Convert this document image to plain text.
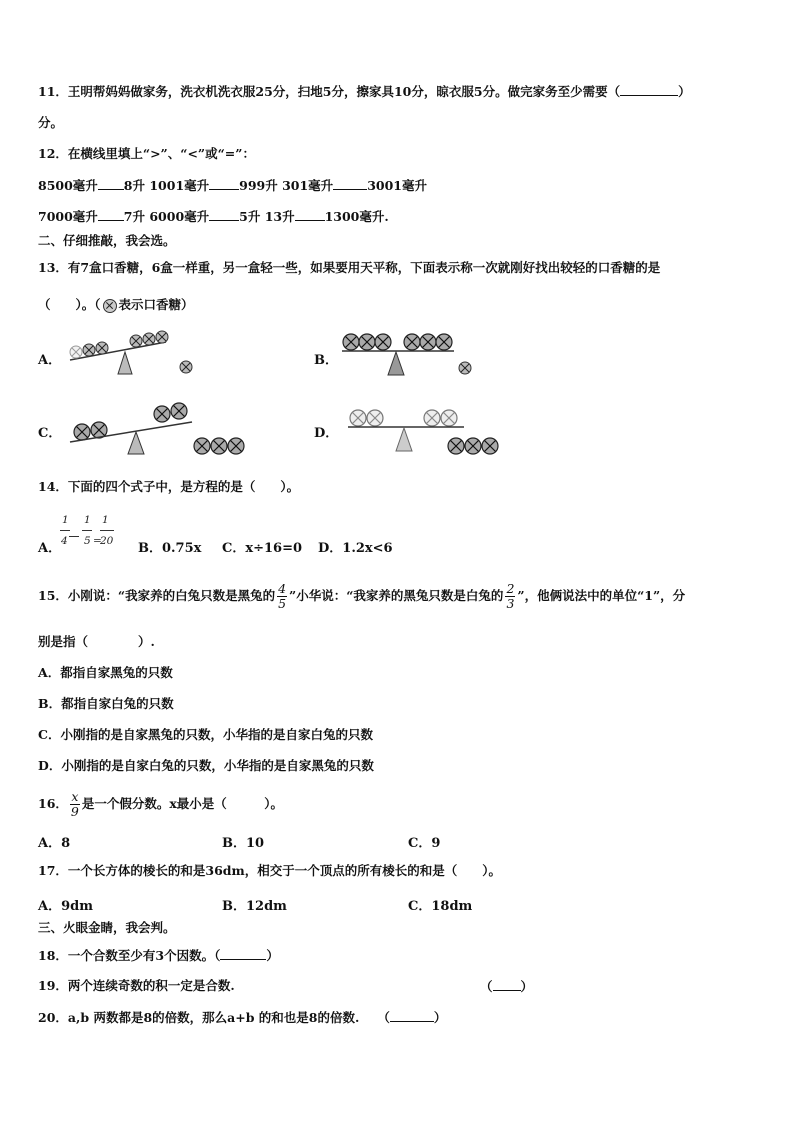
11．王明帮妈妈做家务，洗衣机洗衣服25分，扫地5分，擦家具10分，晾衣服5分。做完家务至少需要（	）
分。
12．在横线里填上“>”、“<”或“=”：
8500毫升 8升 1001毫升 999升 301毫升	3001毫升
7000毫升 7升 6000毫升 5升 13升 1300毫升.
二、仔细推敲，我会选。
13．有7盒口香糖，6盒一样重，另一盒轻一些，如果要用天平称，下面表示称一次就刚好找出较轻的口香糖的是
（　　）。（ 表示口香糖）
A．	B．
C．	D．
14．下面的四个式子中，是方程的是（　　）。
A．
1 1 1
4 5 =
20 B．0.75x C．x÷16=0 D．1.2x<6
15．小刚说：“我家养的白兔只数是黑兔的 $\frac{4}{5}$ ”小华说：“我家养的黑兔只数是白兔的 $\frac{2}{3}$ ”，他俩说法中的单位“1”，分
别是指（　　　　）.
A．都指自家黑兔的只数
B．都指自家白兔的只数
C．小刚指的是自家黑兔的只数，小华指的是自家白兔的只数
D．小刚指的是自家白兔的只数，小华指的是自家黑兔的只数
16． $\frac{x}{9}$ 是一个假分数。x最小是（　　　）。
A．8	B．10	C．9
17．一个长方体的棱长的和是36dm，相交于一个顶点的所有棱长的和是（　　）。
A．9dm	B．12dm	C．18dm
三、火眼金睛，我会判。
18．一个合数至少有3个因数。（	）
19．两个连续奇数的积一定是合数.	（ ）
20．a,b 两数都是8的倍数，那么a+b 的和也是8的倍数. （	）
